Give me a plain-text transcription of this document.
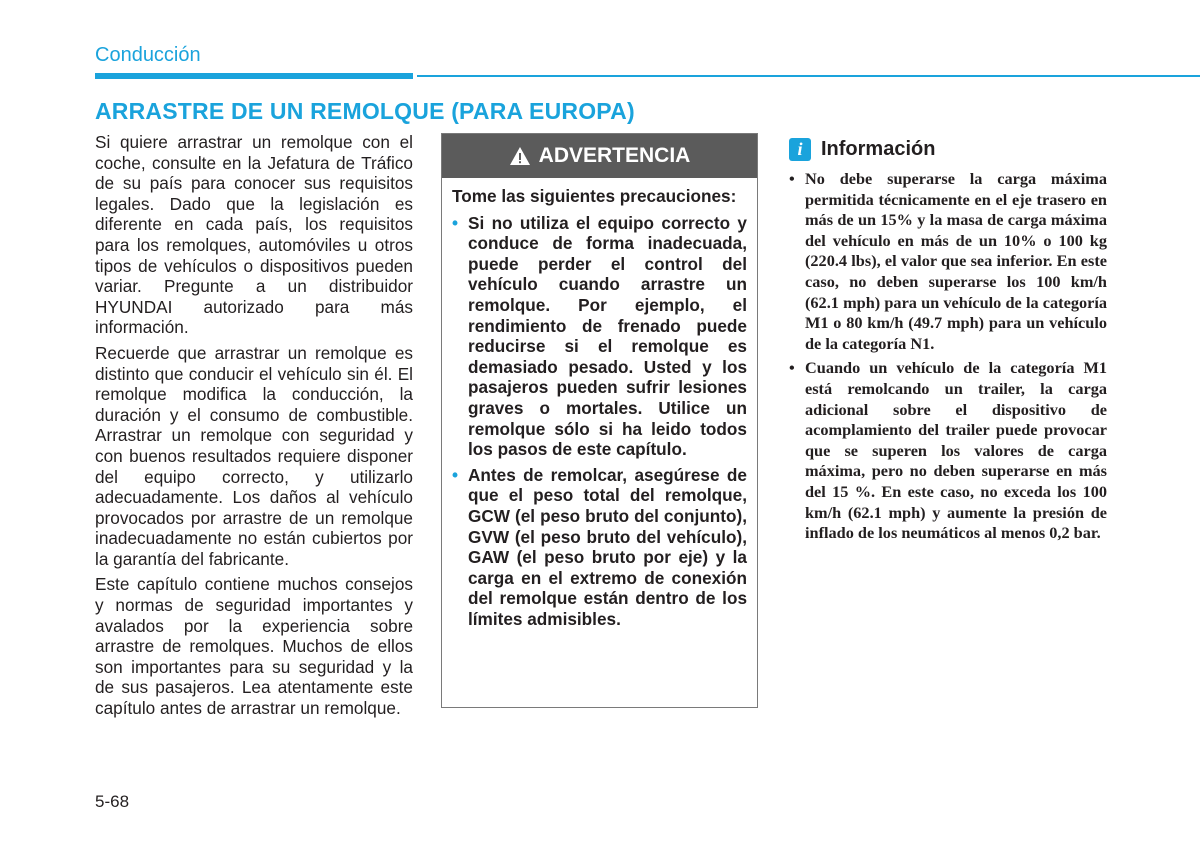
Conducción
ARRASTRE DE UN REMOLQUE (PARA EUROPA)

Si quiere arrastrar un remolque con el coche, consulte en la Jefatura de Tráfico de su país para conocer sus requisitos legales. Dado que la legislación es diferente en cada país, los requisitos para los remolques, automóviles u otros tipos de vehículos o dispositivos pueden variar. Pregunte a un distribuidor HYUNDAI autorizado para más información.

Recuerde que arrastrar un remolque es distinto que conducir el vehículo sin él. El remolque modifica la conducción, la duración y el consumo de combustible. Arrastrar un remolque con seguridad y con buenos resultados requiere disponer del equipo correcto, y utilizarlo adecuadamente. Los daños al vehículo provocados por arrastre de un remolque inadecuadamente no están cubiertos por la garantía del fabricante.

Este capítulo contiene muchos consejos y normas de seguridad importantes y avalados por la experiencia sobre arrastre de remolques. Muchos de ellos son importantes para su seguridad y la de sus pasajeros. Lea atentamente este capítulo antes de arrastrar un remolque.

ADVERTENCIA

Tome las siguientes precauciones:

• Si no utiliza el equipo correcto y conduce de forma inadecuada, puede perder el control del vehículo cuando arrastre un remolque. Por ejemplo, el rendimiento de frenado puede reducirse si el remolque es demasiado pesado. Usted y los pasajeros pueden sufrir lesiones graves o mortales. Utilice un remolque sólo si ha leido todos los pasos de este capítulo.
• Antes de remolcar, asegúrese de que el peso total del remolque, GCW (el peso bruto del conjunto), GVW (el peso bruto del vehículo), GAW (el peso bruto por eje) y la carga en el extremo de conexión del remolque están dentro de los límites admisibles.
i Información
• No debe superarse la carga máxima permitida técnicamente en el eje trasero en más de un 15% y la masa de carga máxima del vehículo en más de un 10% o 100 kg (220.4 lbs), el valor que sea inferior. En este caso, no deben superarse los 100 km/h (62.1 mph) para un vehículo de la categoría M1 o 80 km/h (49.7 mph) para un vehículo de la categoría N1.
• Cuando un vehículo de la categoría M1 está remolcando un trailer, la carga adicional sobre el dispositivo de acomplamiento del trailer puede provocar que se superen los valores de carga máxima, pero no deben superarse en más del 15 %. En este caso, no exceda los 100 km/h (62.1 mph) y aumente la presión de inflado de los neumáticos al menos 0,2 bar.
5-68
